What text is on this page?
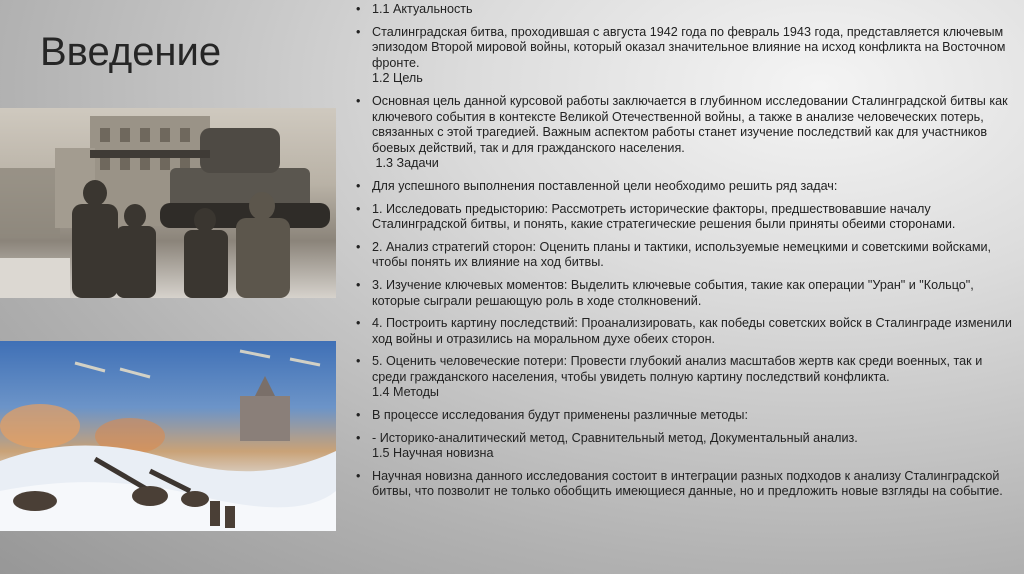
Введение
• 1.1 Актуальность
• Сталинградская битва, проходившая с августа 1942 года по февраль 1943 года, представляется ключевым эпизодом Второй мировой войны, который оказал значительное влияние на исход конфликта на Восточном фронте.
1.2 Цель
• Основная цель данной курсовой работы заключается в глубинном исследовании Сталинградской битвы как ключевого события в контексте Великой Отечественной войны, а также в анализе человеческих потерь, связанных с этой трагедией. Важным аспектом работы станет изучение последствий как для участников боевых действий, так и для гражданского населения.
1.3 Задачи
• Для успешного выполнения поставленной цели необходимо решить ряд задач:
• 1. Исследовать предысторию: Рассмотреть исторические факторы, предшествовавшие началу Сталинградской битвы, и понять, какие стратегические решения были приняты обеими сторонами.
• 2. Анализ стратегий сторон: Оценить планы и тактики, используемые немецкими и советскими войсками, чтобы понять их влияние на ход битвы.
• 3. Изучение ключевых моментов: Выделить ключевые события, такие как операции "Уран" и "Кольцо", которые сыграли решающую роль в ходе столкновений.
• 4. Построить картину последствий: Проанализировать, как победы советских войск в Сталинграде изменили ход войны и отразились на моральном духе обеих сторон.
• 5. Оценить человеческие потери: Провести глубокий анализ масштабов жертв как среди военных, так и среди гражданского населения, чтобы увидеть полную картину последствий конфликта.
1.4 Методы
• В процессе исследования будут применены различные методы:
• - Историко-аналитический метод, Сравнительный метод, Документальный анализ.
1.5 Научная новизна
• Научная новизна данного исследования состоит в интеграции разных подходов к анализу Сталинградской битвы, что позволит не только обобщить имеющиеся данные, но и предложить новые взгляды на событие.
